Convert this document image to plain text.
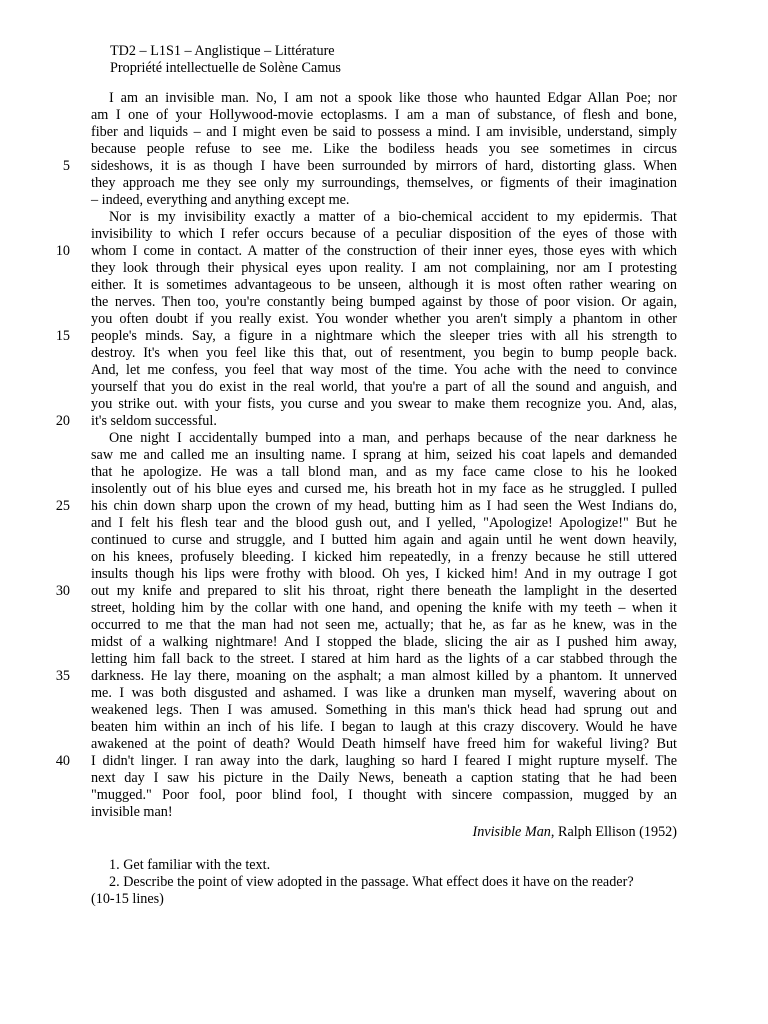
TD2 – L1S1 – Anglistique – Littérature
Propriété intellectuelle de Solène Camus
5
10
15
20
25
30
35
40
I am an invisible man. No, I am not a spook like those who haunted Edgar Allan Poe; nor
am I one of your Hollywood-movie ectoplasms. I am a man of substance, of flesh and bone,
fiber and liquids – and I might even be said to possess a mind. I am invisible, understand, simply
because people refuse to see me. Like the bodiless heads you see sometimes in circus
sideshows, it is as though I have been surrounded by mirrors of hard, distorting glass. When
they approach me they see only my surroundings, themselves, or figments of their imagination
– indeed, everything and anything except me.
Nor is my invisibility exactly a matter of a bio-chemical accident to my epidermis. That
invisibility to which I refer occurs because of a peculiar disposition of the eyes of those with
whom I come in contact. A matter of the construction of their inner eyes, those eyes with which
they look through their physical eyes upon reality. I am not complaining, nor am I protesting
either. It is sometimes advantageous to be unseen, although it is most often rather wearing on
the nerves. Then too, you're constantly being bumped against by those of poor vision. Or again,
you often doubt if you really exist. You wonder whether you aren't simply a phantom in other
people's minds. Say, a figure in a nightmare which the sleeper tries with all his strength to
destroy. It's when you feel like this that, out of resentment, you begin to bump people back.
And, let me confess, you feel that way most of the time. You ache with the need to convince
yourself that you do exist in the real world, that you're a part of all the sound and anguish, and
you strike out. with your fists, you curse and you swear to make them recognize you. And, alas,
it's seldom successful.
One night I accidentally bumped into a man, and perhaps because of the near darkness he
saw me and called me an insulting name. I sprang at him, seized his coat lapels and demanded
that he apologize. He was a tall blond man, and as my face came close to his he looked
insolently out of his blue eyes and cursed me, his breath hot in my face as he struggled. I pulled
his chin down sharp upon the crown of my head, butting him as I had seen the West Indians do,
and I felt his flesh tear and the blood gush out, and I yelled, "Apologize! Apologize!" But he
continued to curse and struggle, and I butted him again and again until he went down heavily,
on his knees, profusely bleeding. I kicked him repeatedly, in a frenzy because he still uttered
insults though his lips were frothy with blood. Oh yes, I kicked him! And in my outrage I got
out my knife and prepared to slit his throat, right there beneath the lamplight in the deserted
street, holding him by the collar with one hand, and opening the knife with my teeth – when it
occurred to me that the man had not seen me, actually; that he, as far as he knew, was in the
midst of a walking nightmare! And I stopped the blade, slicing the air as I pushed him away,
letting him fall back to the street. I stared at him hard as the lights of a car stabbed through the
darkness. He lay there, moaning on the asphalt; a man almost killed by a phantom. It unnerved
me. I was both disgusted and ashamed. I was like a drunken man myself, wavering about on
weakened legs. Then I was amused. Something in this man's thick head had sprung out and
beaten him within an inch of his life. I began to laugh at this crazy discovery. Would he have
awakened at the point of death? Would Death himself have freed him for wakeful living? But
I didn't linger. I ran away into the dark, laughing so hard I feared I might rupture myself. The
next day I saw his picture in the Daily News, beneath a caption stating that he had been
"mugged." Poor fool, poor blind fool, I thought with sincere compassion, mugged by an
invisible man!
Invisible Man, Ralph Ellison (1952)
1. Get familiar with the text.
2. Describe the point of view adopted in the passage. What effect does it have on the reader?
(10-15 lines)
